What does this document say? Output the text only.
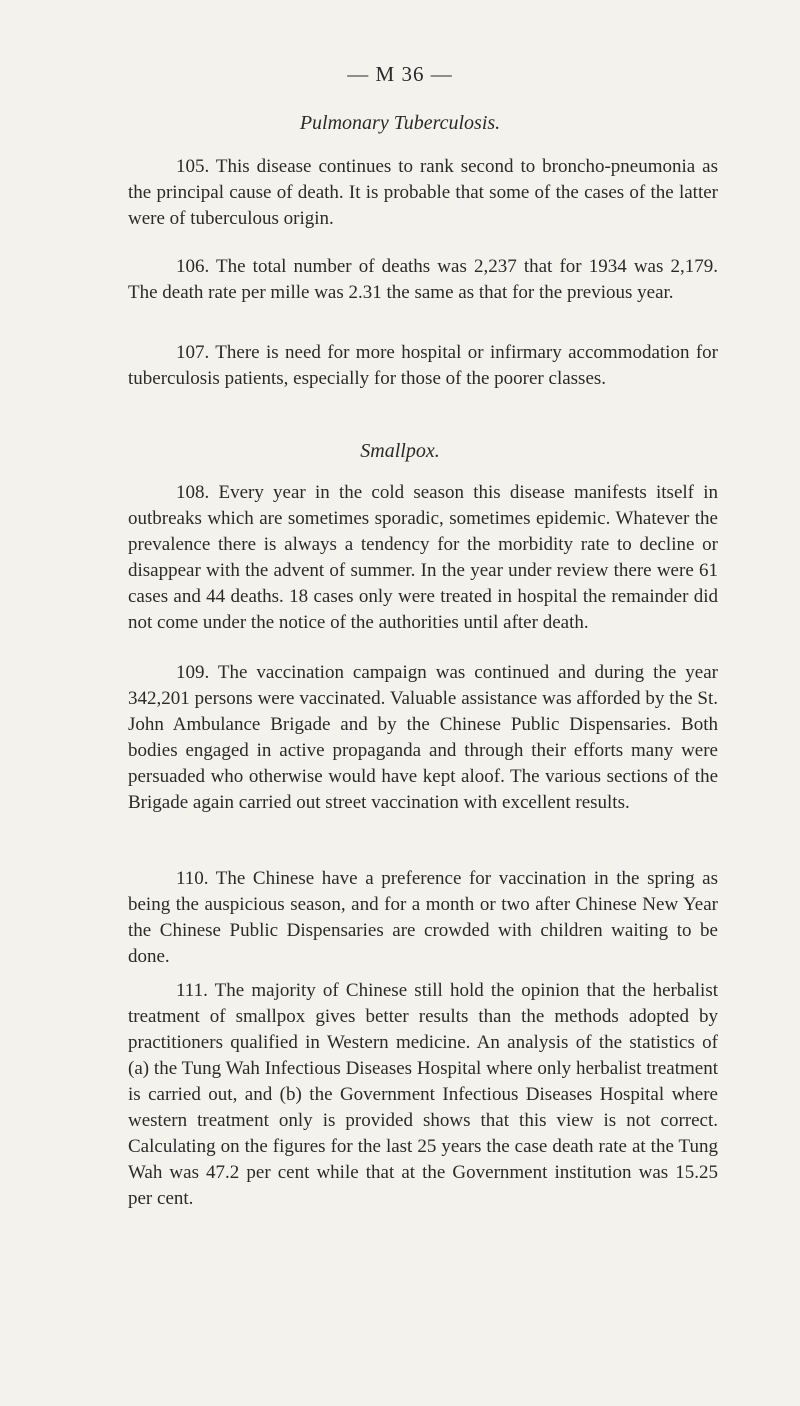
— M 36 —
Pulmonary Tuberculosis.

105. This disease continues to rank second to broncho-pneumonia as the principal cause of death. It is probable that some of the cases of the latter were of tuberculous origin.

106. The total number of deaths was 2,237 that for 1934 was 2,179. The death rate per mille was 2.31 the same as that for the previous year.

107. There is need for more hospital or infirmary accommodation for tuberculosis patients, especially for those of the poorer classes.

Smallpox.

108. Every year in the cold season this disease manifests itself in outbreaks which are sometimes sporadic, sometimes epidemic. Whatever the prevalence there is always a tendency for the morbidity rate to decline or disappear with the advent of summer. In the year under review there were 61 cases and 44 deaths. 18 cases only were treated in hospital the remainder did not come under the notice of the authorities until after death.

109. The vaccination campaign was continued and during the year 342,201 persons were vaccinated. Valuable assistance was afforded by the St. John Ambulance Brigade and by the Chinese Public Dispensaries. Both bodies engaged in active propaganda and through their efforts many were persuaded who otherwise would have kept aloof. The various sections of the Brigade again carried out street vaccination with excellent results.

110. The Chinese have a preference for vaccination in the spring as being the auspicious season, and for a month or two after Chinese New Year the Chinese Public Dispensaries are crowded with children waiting to be done.

111. The majority of Chinese still hold the opinion that the herbalist treatment of smallpox gives better results than the methods adopted by practitioners qualified in Western medicine. An analysis of the statistics of (a) the Tung Wah Infectious Diseases Hospital where only herbalist treatment is carried out, and (b) the Government Infectious Diseases Hospital where western treatment only is provided shows that this view is not correct. Calculating on the figures for the last 25 years the case death rate at the Tung Wah was 47.2 per cent while that at the Government institution was 15.25 per cent.
